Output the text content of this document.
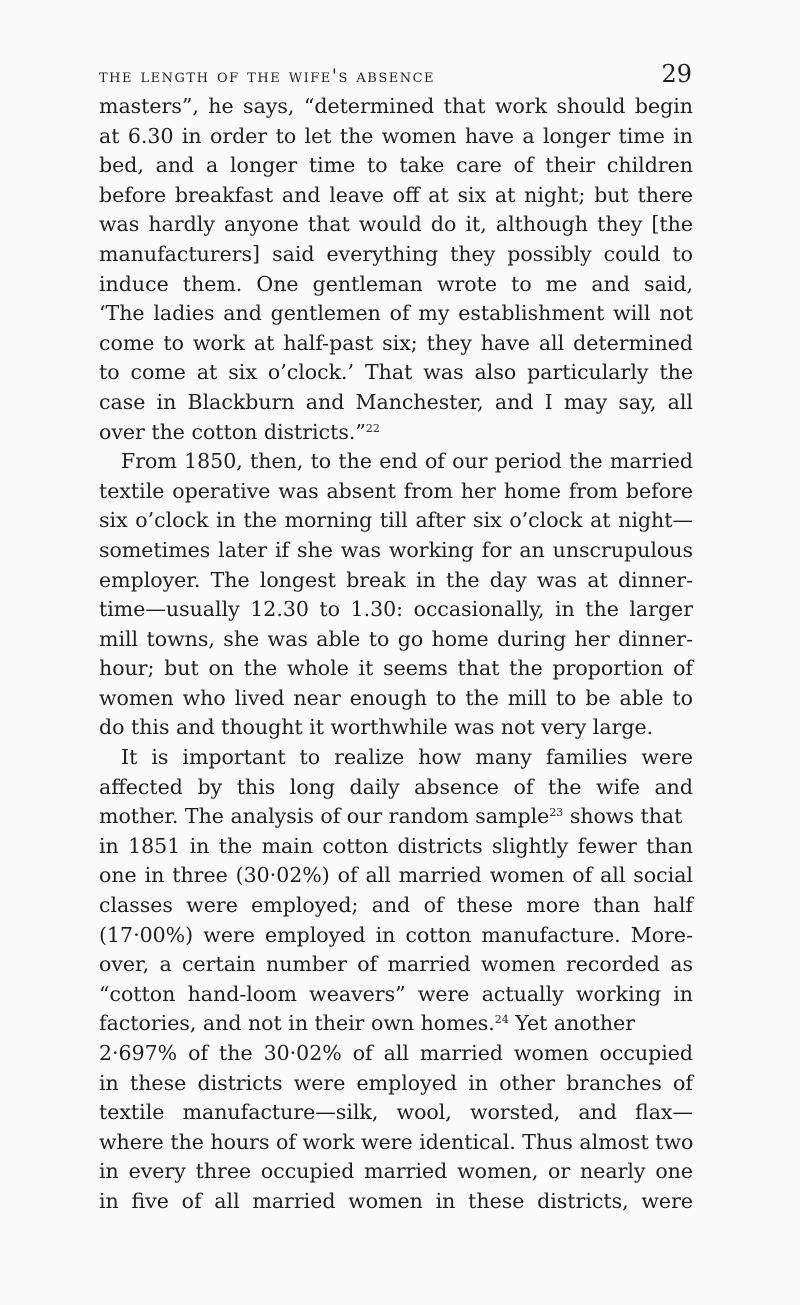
the length of the wife's absence	29
masters”, he says, “determined that work should begin
at 6.30 in order to let the women have a longer time in
bed, and a longer time to take care of their children
before breakfast and leave off at six at night; but there
was hardly anyone that would do it, although they [the
manufacturers] said everything they possibly could to
induce them. One gentleman wrote to me and said,
‘The ladies and gentlemen of my establishment will not
come to work at half-past six; they have all determined
to come at six o’clock.’ That was also particularly the
case in Blackburn and Manchester, and I may say, all
over the cotton districts.”$^{22}$
From 1850, then, to the end of our period the married
textile operative was absent from her home from before
six o’clock in the morning till after six o’clock at night—
sometimes later if she was working for an unscrupulous
employer. The longest break in the day was at dinner-
time—usually 12.30 to 1.30: occasionally, in the larger
mill towns, she was able to go home during her dinner-
hour; but on the whole it seems that the proportion of
women who lived near enough to the mill to be able to
do this and thought it worthwhile was not very large.
It is important to realize how many families were
affected by this long daily absence of the wife and
mother. The analysis of our random sample$^{23}$ shows that
in 1851 in the main cotton districts slightly fewer than
one in three (30·02%) of all married women of all social
classes were employed; and of these more than half
(17·00%) were employed in cotton manufacture. More-
over, a certain number of married women recorded as
“cotton hand-loom weavers” were actually working in
factories, and not in their own homes.$^{24}$ Yet another
2·697% of the 30·02% of all married women occupied
in these districts were employed in other branches of
textile manufacture—silk, wool, worsted, and flax—
where the hours of work were identical. Thus almost two
in every three occupied married women, or nearly one
in five of all married women in these districts, were
